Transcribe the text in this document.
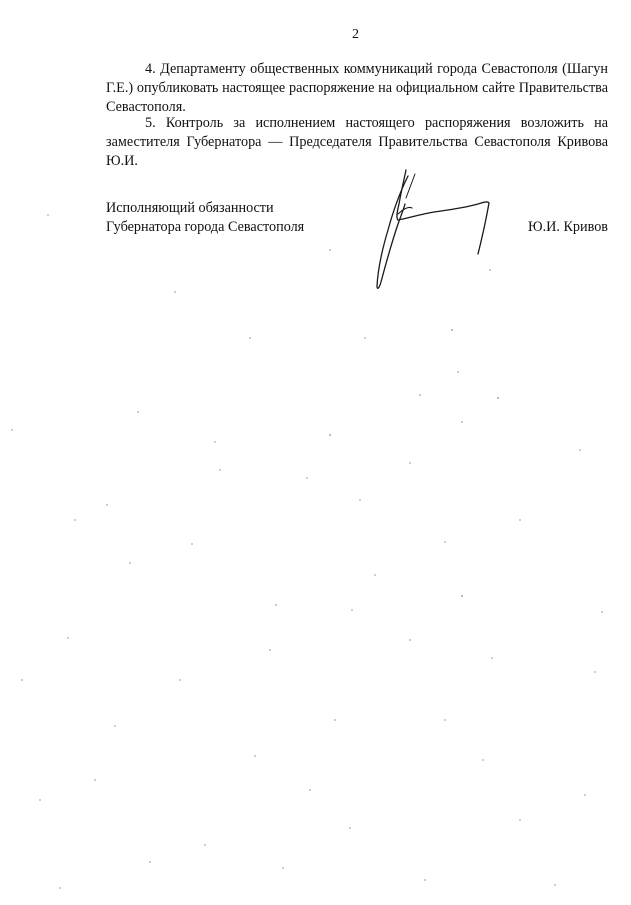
2

4. Департаменту общественных коммуникаций города Севастополя (Шагун Г.Е.) опубликовать настоящее распоряжение на официальном сайте Правительства Севастополя.

5. Контроль за исполнением настоящего распоряжения возложить на заместителя Губернатора — Председателя Правительства Севастополя Кривова Ю.И.

Исполняющий обязанности
Губернатора города Севастополя	Ю.И. Кривов
